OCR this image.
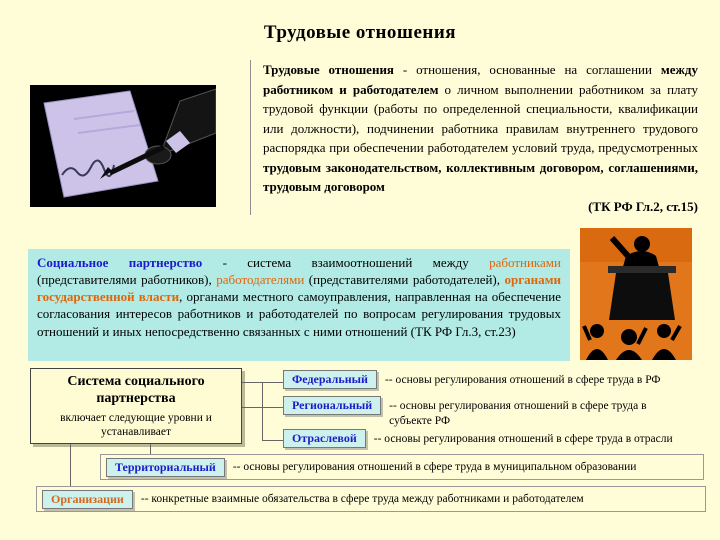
Трудовые отношения

Трудовые отношения - отношения, основанные на соглашении между работником и работодателем о личном выполнении работником за плату трудовой функции (работы по определенной специальности, квалификации или должности), подчинении работника правилам внутреннего трудового распорядка при обеспечении работодателем условий труда, предусмотренных трудовым законодательством, коллективным договором, соглашениями, трудовым договором

(ТК РФ Гл.2, ст.15)
Социальное партнерство - система взаимоотношений между работниками (представителями работников), работодателями (представителями работодателей), органами государственной власти, органами местного самоуправления, направленная на обеспечение согласования интересов работников и работодателей по вопросам регулирования трудовых отношений и иных непосредственно связанных с ними отношений (ТК РФ Гл.3, ст.23)
Система социального партнерства
включает следующие уровни и устанавливает
Федеральный	-- основы регулирования отношений в сфере труда в РФ
Региональный	-- основы регулирования отношений в сфере труда в субъекте РФ
Отраслевой	-- основы регулирования отношений в сфере труда в отрасли
Территориальный	-- основы регулирования отношений в сфере труда в муниципальном образовании
Организации	-- конкретные взаимные обязательства в сфере труда между работниками и работодателем
